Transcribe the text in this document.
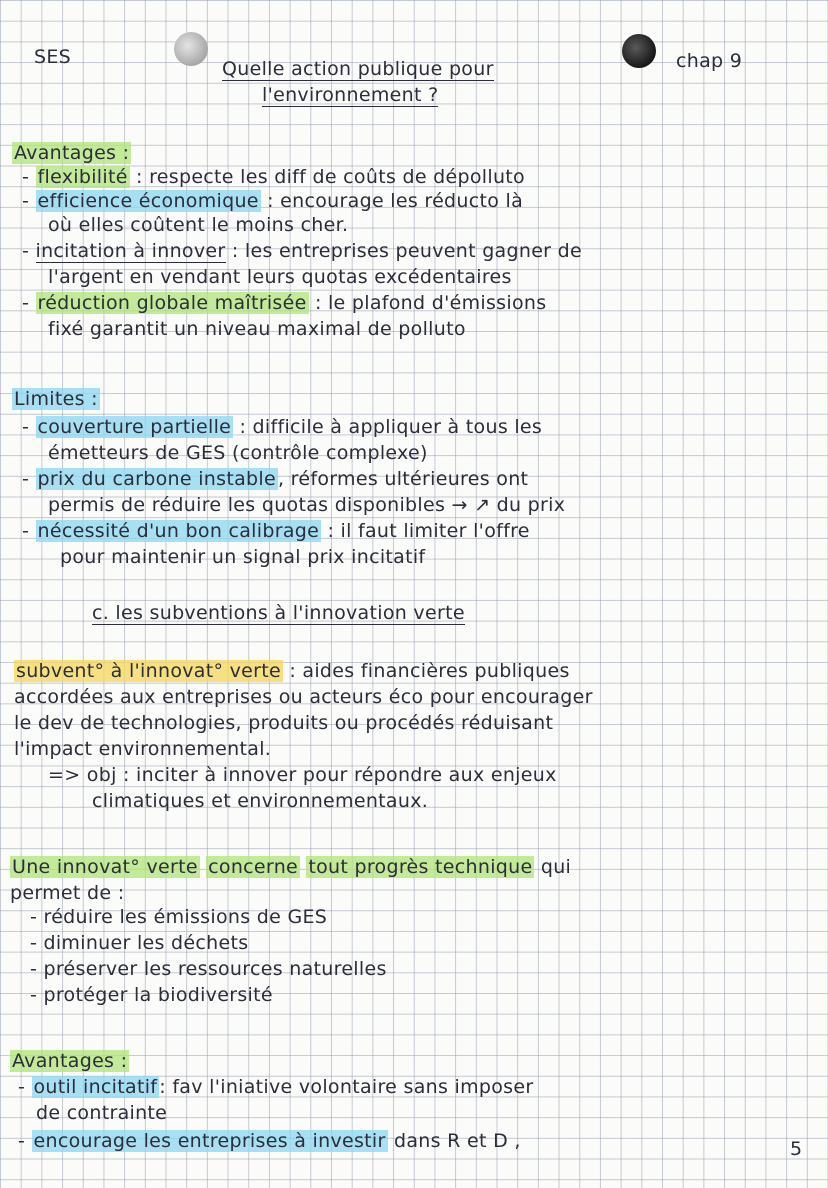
SES
Quelle action publique pour
l'environnement ?
chap 9
Avantages :
- flexibilité : respecte les diff de coûts de dépolluto
- efficience économique : encourage les réducto là
où elles coûtent le moins cher.
- incitation à innover : les entreprises peuvent gagner de
l'argent en vendant leurs quotas excédentaires
- réduction globale maîtrisée : le plafond d'émissions
fixé garantit un niveau maximal de polluto
Limites :
- couverture partielle : difficile à appliquer à tous les
émetteurs de GES (contrôle complexe)
- prix du carbone instable , réformes ultérieures ont
permis de réduire les quotas disponibles → ↗ du prix
- nécessité d'un bon calibrage : il faut limiter l'offre
pour maintenir un signal prix incitatif
c. les subventions à l'innovation verte
subvent° à l'innovat° verte : aides financières publiques
accordées aux entreprises ou acteurs éco pour encourager
le dev de technologies, produits ou procédés réduisant
l'impact environnemental.
=> obj : inciter à innover pour répondre aux enjeux
climatiques et environnementaux.
Une innovat° verte concerne tout progrès technique qui
permet de :
- réduire les émissions de GES
- diminuer les déchets
- préserver les ressources naturelles
- protéger la biodiversité
Avantages :
- outil incitatif : fav l'iniative volontaire sans imposer
de contrainte
- encourage les entreprises à investir dans R et D ,	5
